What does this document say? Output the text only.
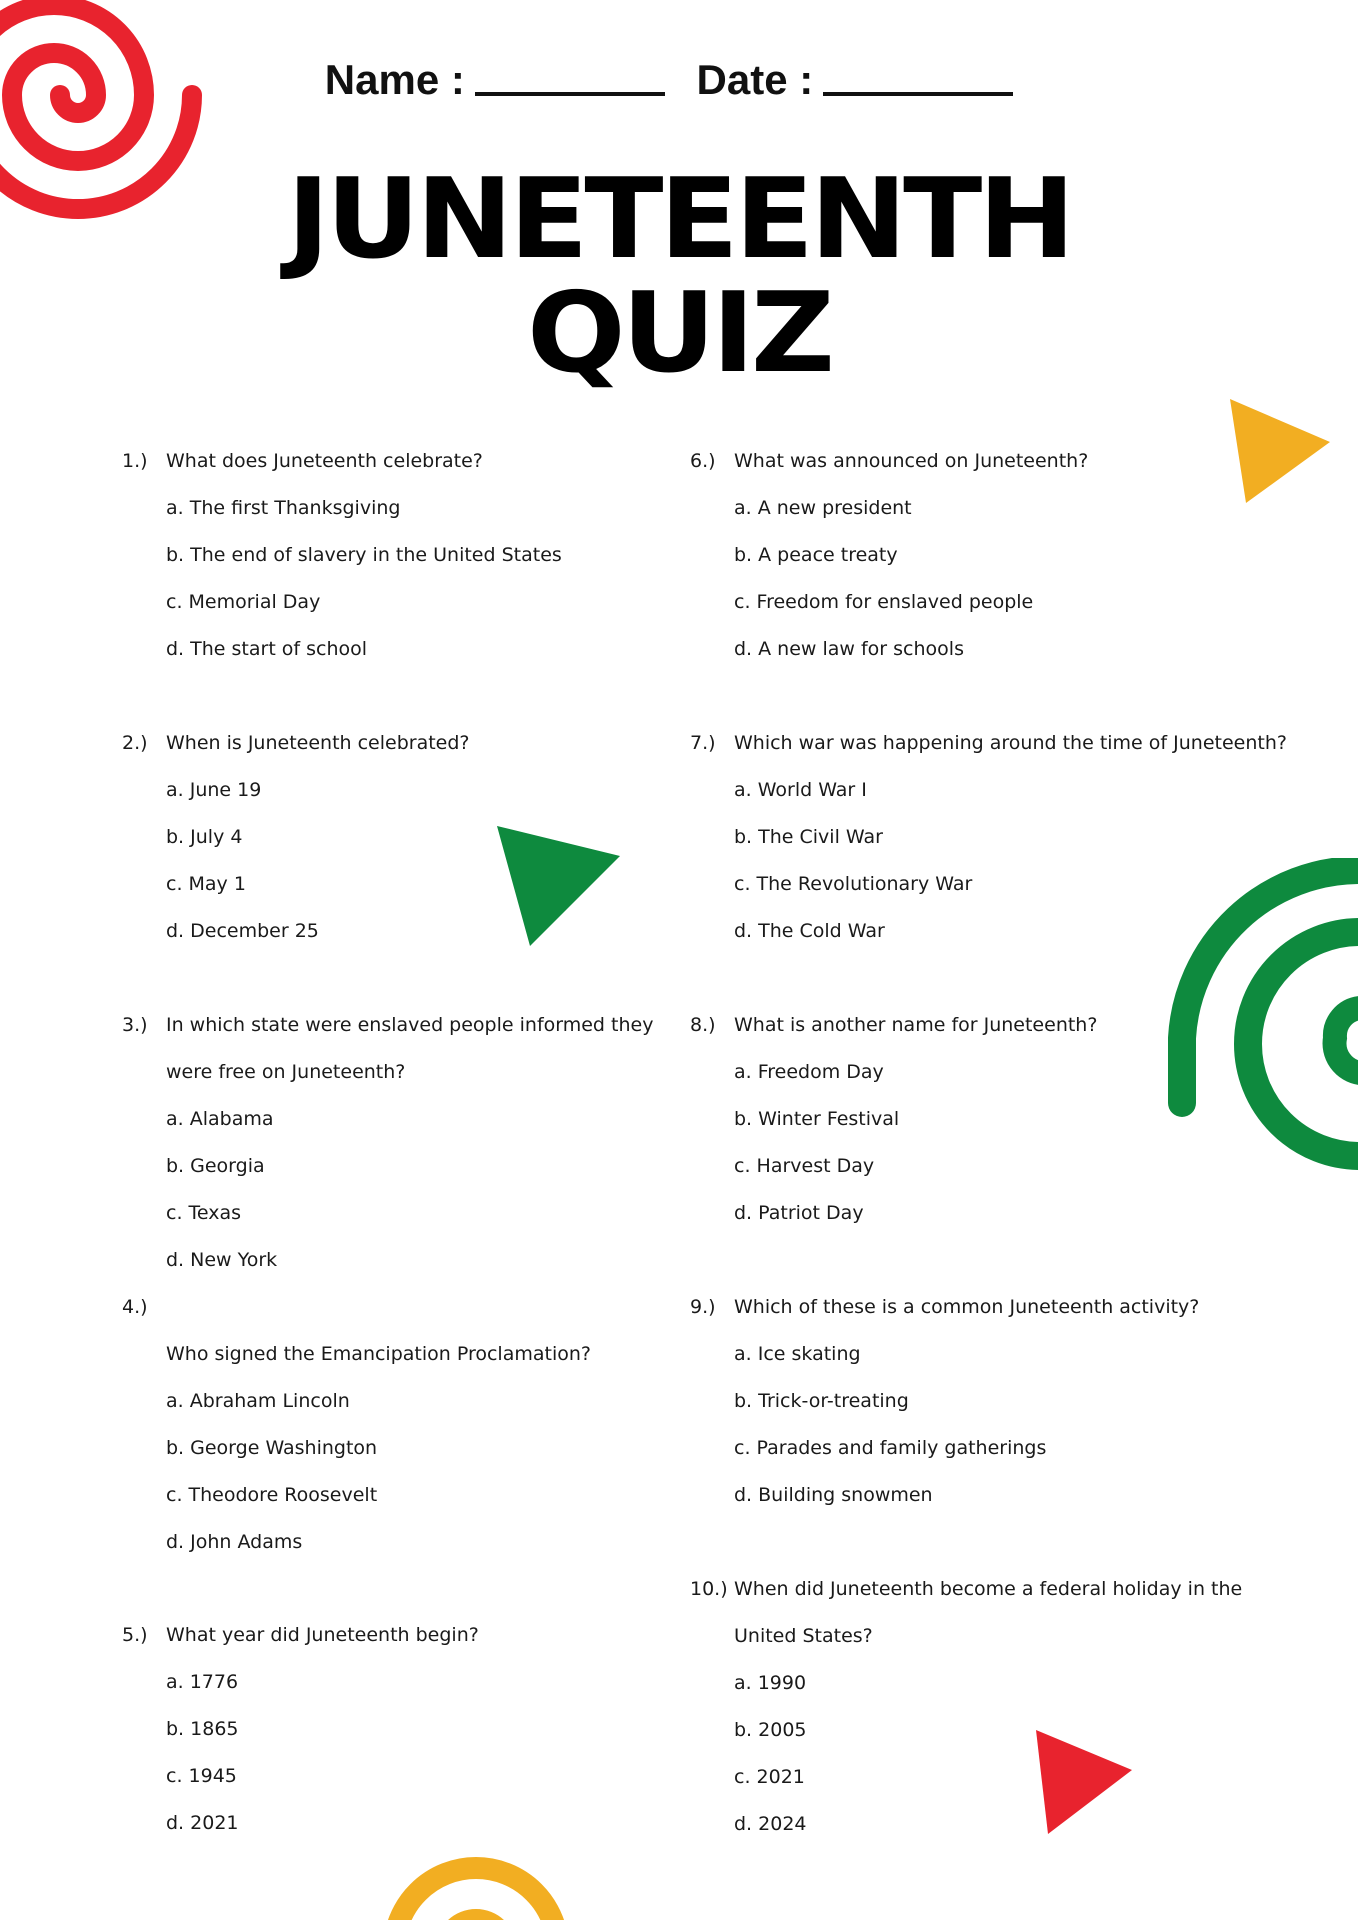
Name :	Date :
JUNETEENTH
QUIZ
1.) What does Juneteenth celebrate?
a. The first Thanksgiving
b. The end of slavery in the United States
c. Memorial Day
d. The start of school
2.) When is Juneteenth celebrated?
a. June 19
b. July 4
c. May 1
d. December 25
3.) In which state were enslaved people informed they
were free on Juneteenth?
a. Alabama
b. Georgia
c. Texas
d. New York
4.)
Who signed the Emancipation Proclamation?
a. Abraham Lincoln
b. George Washington
c. Theodore Roosevelt
d. John Adams
5.) What year did Juneteenth begin?
a. 1776
b. 1865
c. 1945
d. 2021
6.) What was announced on Juneteenth?
a. A new president
b. A peace treaty
c. Freedom for enslaved people
d. A new law for schools
7.) Which war was happening around the time of Juneteenth?
a. World War I
b. The Civil War
c. The Revolutionary War
d. The Cold War
8.) What is another name for Juneteenth?
a. Freedom Day
b. Winter Festival
c. Harvest Day
d. Patriot Day
9.) Which of these is a common Juneteenth activity?
a. Ice skating
b. Trick-or-treating
c. Parades and family gatherings
d. Building snowmen
10.) When did Juneteenth become a federal holiday in the
United States?
a. 1990
b. 2005
c. 2021
d. 2024
